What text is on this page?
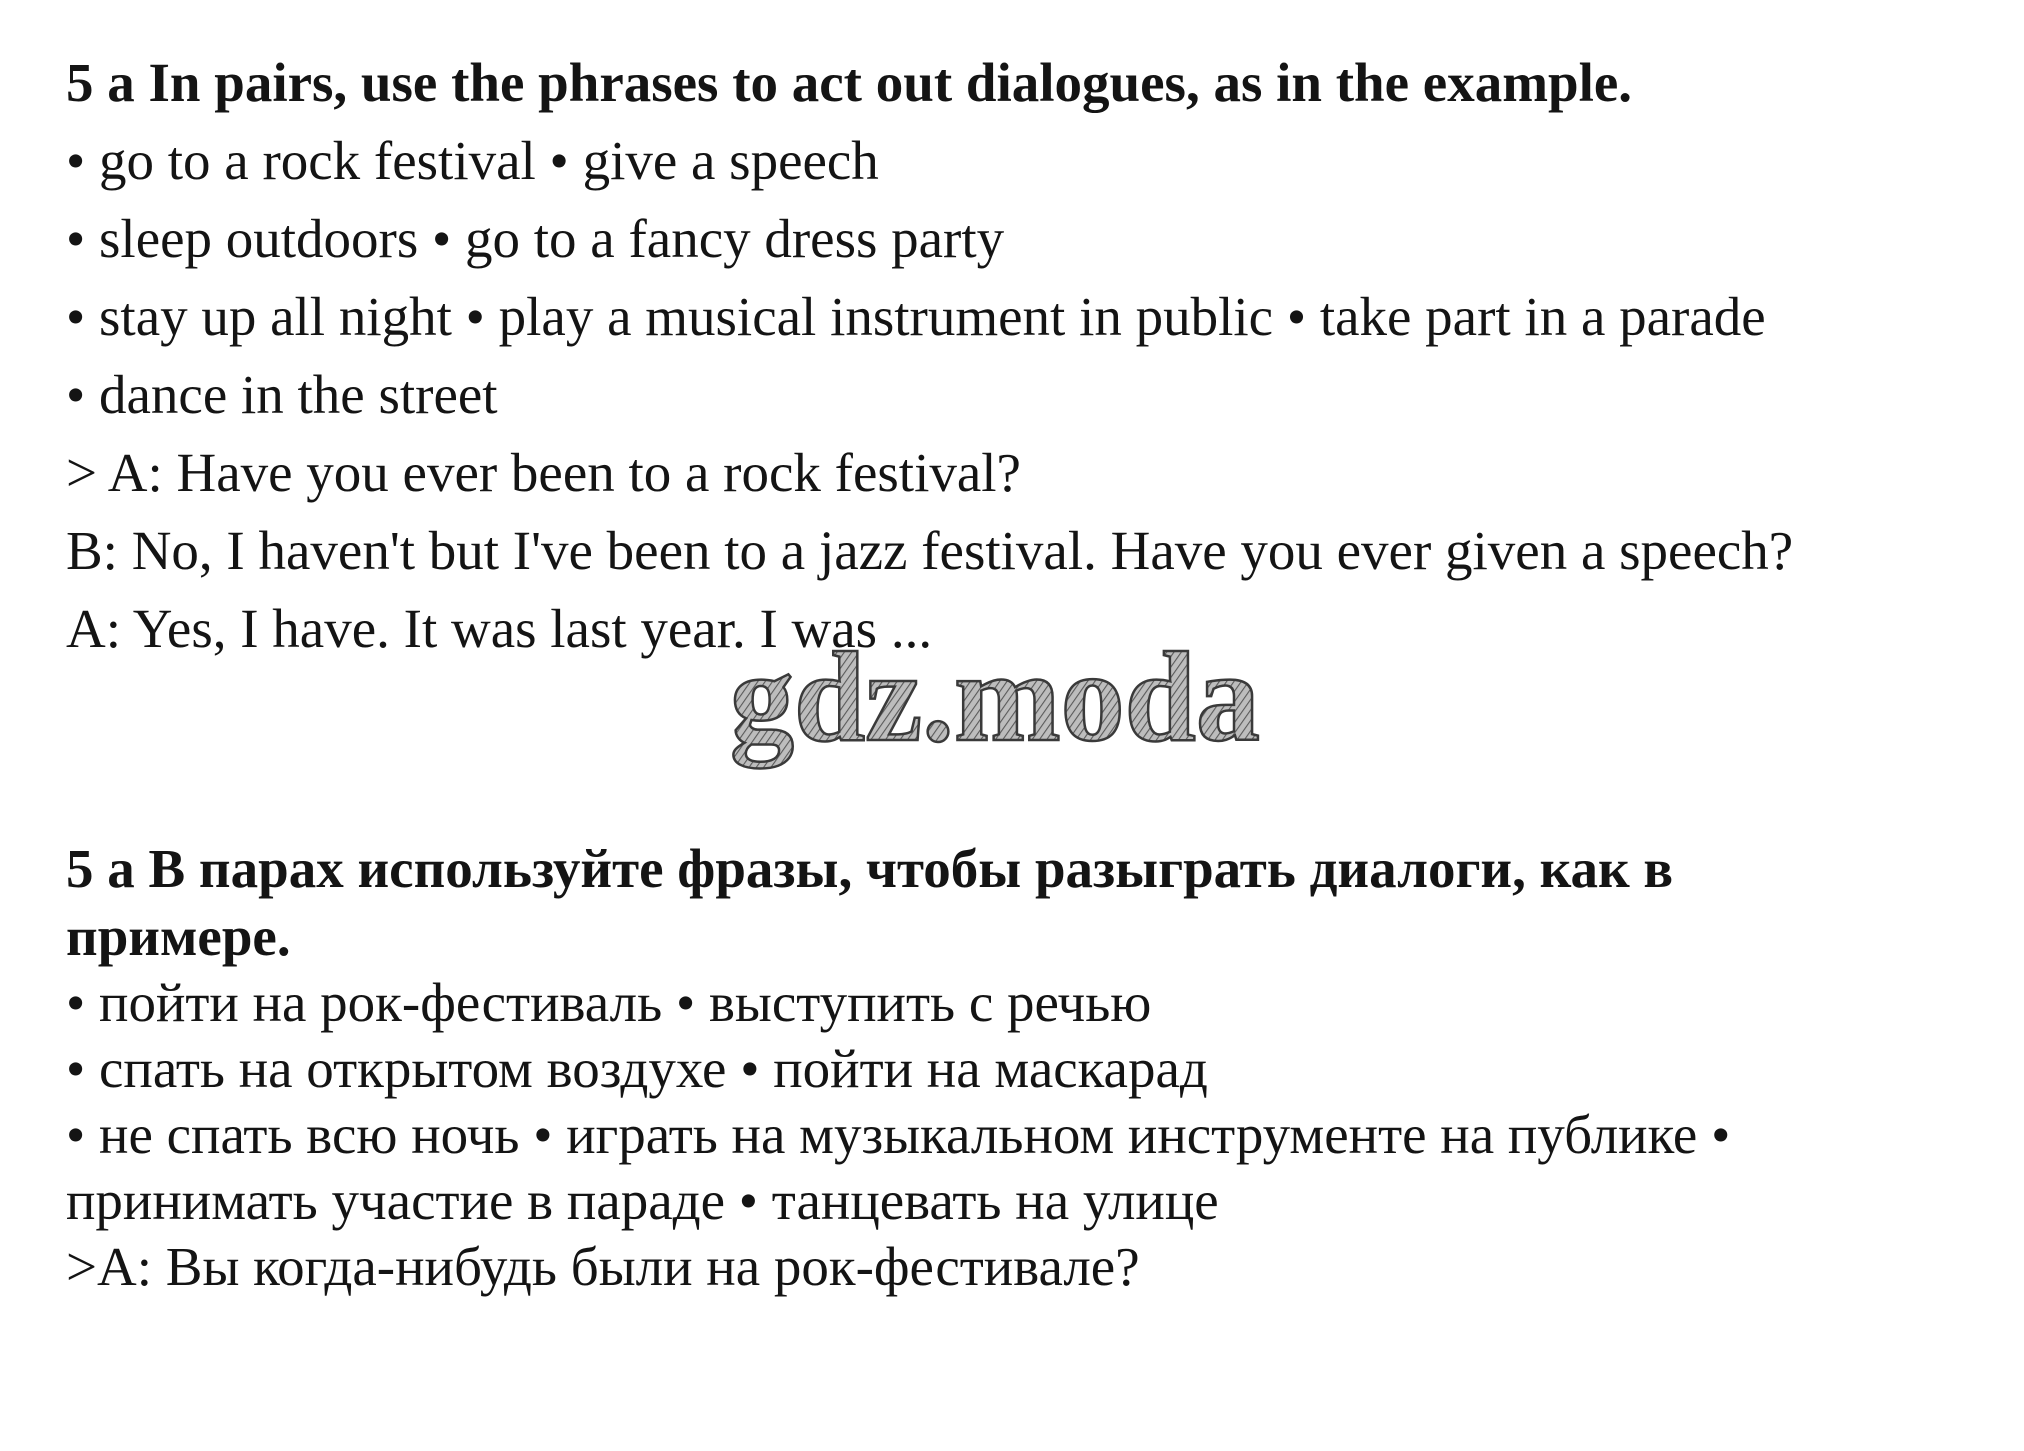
5 a In pairs, use the phrases to act out dialogues, as in the example.
• go to a rock festival • give a speech
• sleep outdoors • go to a fancy dress party
• stay up all night • play a musical instrument in public • take part in a parade
• dance in the street
> A: Have you ever been to a rock festival?
B: No, I haven't but I've been to a jazz festival. Have you ever given a speech?
A: Yes, I have. It was last year. I was ...
gdz.moda
5 a В парах используйте фразы, чтобы разыграть диалоги, как в
примере.
• пойти на рок-фестиваль • выступить с речью
• спать на открытом воздухе • пойти на маскарад
• не спать всю ночь • играть на музыкальном инструменте на публике •
принимать участие в параде • танцевать на улице
>A: Вы когда-нибудь были на рок-фестивале?
